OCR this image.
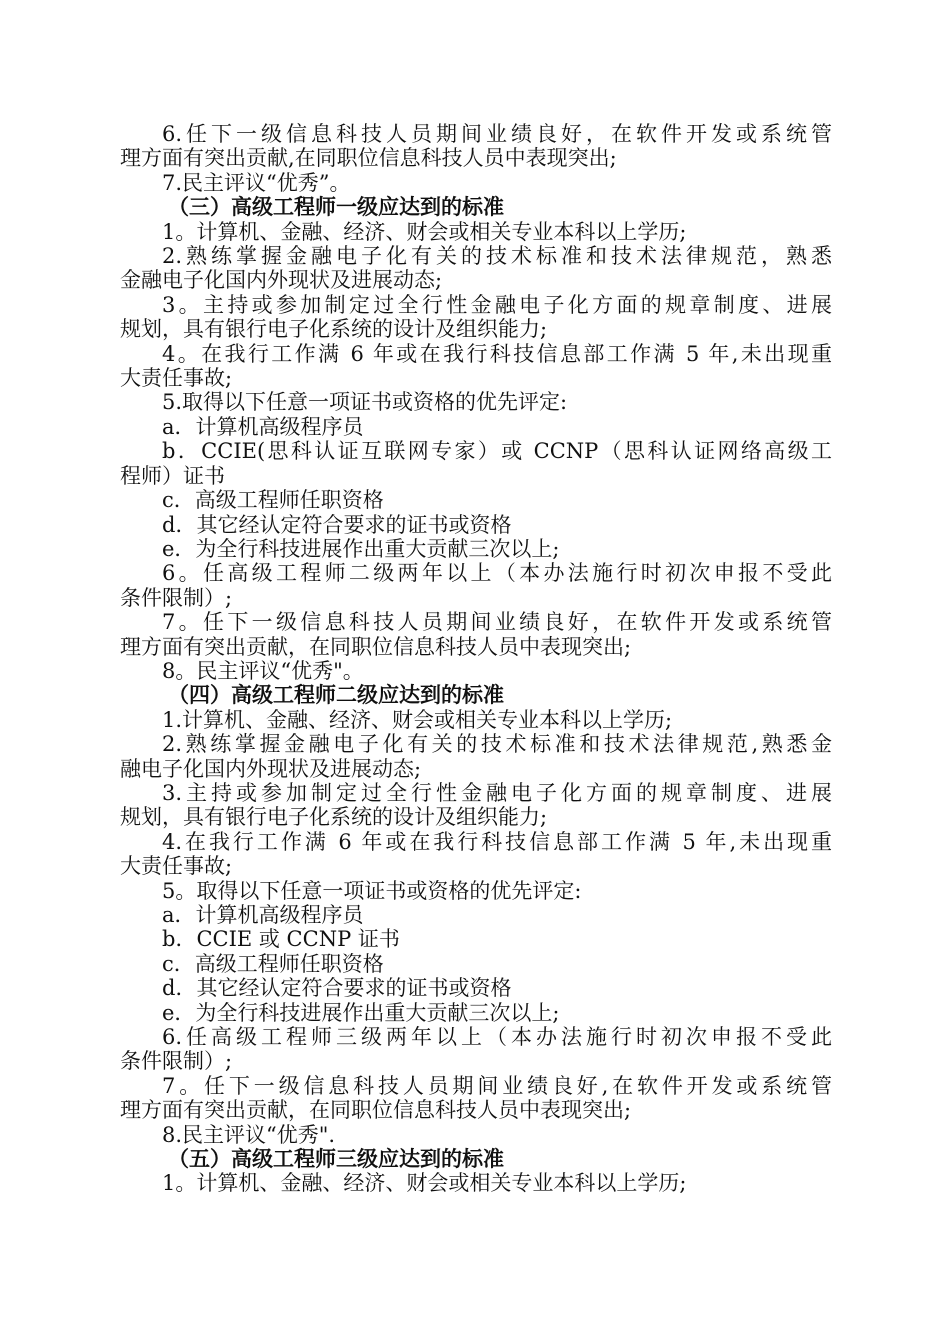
6.任下一级信息科技人员期间业绩良好，在软件开发或系统管
理方面有突出贡献,在同职位信息科技人员中表现突出;
7.民主评议“优秀”。
（三）高级工程师一级应达到的标准
1。计算机、金融、经济、财会或相关专业本科以上学历;
2.熟练掌握金融电子化有关的技术标准和技术法律规范，熟悉
金融电子化国内外现状及进展动态;
3。主持或参加制定过全行性金融电子化方面的规章制度、进展
规划，具有银行电子化系统的设计及组织能力;
4。在我行工作满 6 年或在我行科技信息部工作满 5 年,未出现重
大责任事故;
5.取得以下任意一项证书或资格的优先评定:
a．计算机高级程序员
b．CCIE(思科认证互联网专家）或 CCNP（思科认证网络高级工
程师）证书
c．高级工程师任职资格
d．其它经认定符合要求的证书或资格
e．为全行科技进展作出重大贡献三次以上;
6。任高级工程师二级两年以上（本办法施行时初次申报不受此
条件限制）;
7。任下一级信息科技人员期间业绩良好，在软件开发或系统管
理方面有突出贡献，在同职位信息科技人员中表现突出;
8。民主评议“优秀"。
（四）高级工程师二级应达到的标准
1.计算机、金融、经济、财会或相关专业本科以上学历;
2.熟练掌握金融电子化有关的技术标准和技术法律规范,熟悉金
融电子化国内外现状及进展动态;
3.主持或参加制定过全行性金融电子化方面的规章制度、进展
规划，具有银行电子化系统的设计及组织能力;
4.在我行工作满 6 年或在我行科技信息部工作满 5 年,未出现重
大责任事故;
5。取得以下任意一项证书或资格的优先评定:
a．计算机高级程序员
b．CCIE 或 CCNP 证书
c．高级工程师任职资格
d．其它经认定符合要求的证书或资格
e．为全行科技进展作出重大贡献三次以上;
6.任高级工程师三级两年以上（本办法施行时初次申报不受此
条件限制）;
7。任下一级信息科技人员期间业绩良好,在软件开发或系统管
理方面有突出贡献，在同职位信息科技人员中表现突出;
8.民主评议“优秀".
（五）高级工程师三级应达到的标准
1。计算机、金融、经济、财会或相关专业本科以上学历;
